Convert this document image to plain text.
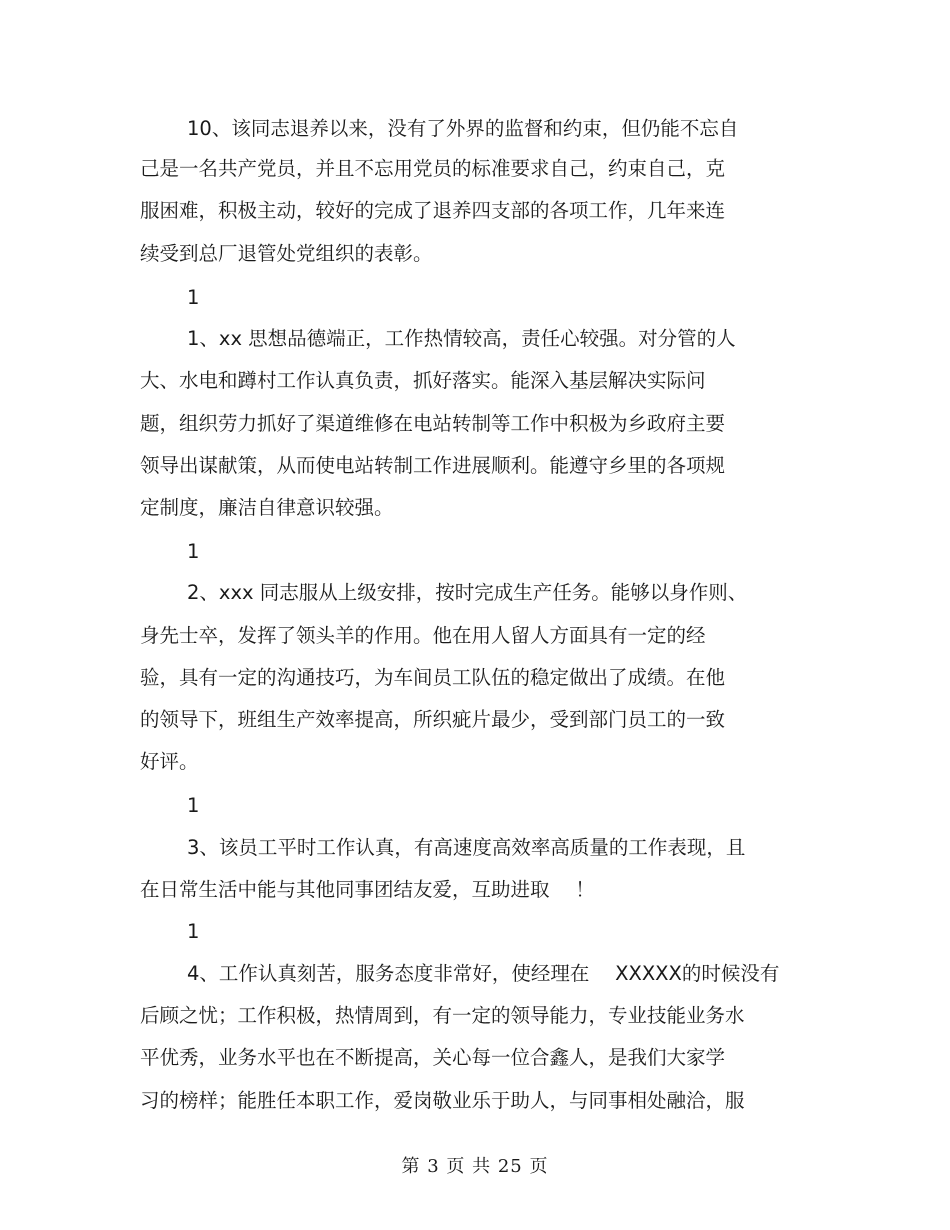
10、该同志退养以来，没有了外界的监督和约束，但仍能不忘自
己是一名共产党员，并且不忘用党员的标准要求自己，约束自己，克
服困难，积极主动，较好的完成了退养四支部的各项工作，几年来连
续受到总厂退管处党组织的表彰。
1
1、xx 思想品德端正，工作热情较高，责任心较强。对分管的人
大、水电和蹲村工作认真负责，抓好落实。能深入基层解决实际问
题，组织劳力抓好了渠道维修在电站转制等工作中积极为乡政府主要
领导出谋献策，从而使电站转制工作进展顺利。能遵守乡里的各项规
定制度，廉洁自律意识较强。
1
2、xxx 同志服从上级安排，按时完成生产任务。能够以身作则、
身先士卒，发挥了领头羊的作用。他在用人留人方面具有一定的经
验，具有一定的沟通技巧，为车间员工队伍的稳定做出了成绩。在他
的领导下，班组生产效率提高，所织疵片最少，受到部门员工的一致
好评。
1
3、该员工平时工作认真，有高速度高效率高质量的工作表现，且
在日常生活中能与其他同事团结友爱，互助进取　 ！
1
4、工作认真刻苦，服务态度非常好，使经理在　 XXXXX的时候没有
后顾之忧；工作积极，热情周到，有一定的领导能力，专业技能业务水
平优秀，业务水平也在不断提高，关心每一位合鑫人，是我们大家学
习的榜样；能胜任本职工作，爱岗敬业乐于助人，与同事相处融洽，服
第 3 页 共 25 页
